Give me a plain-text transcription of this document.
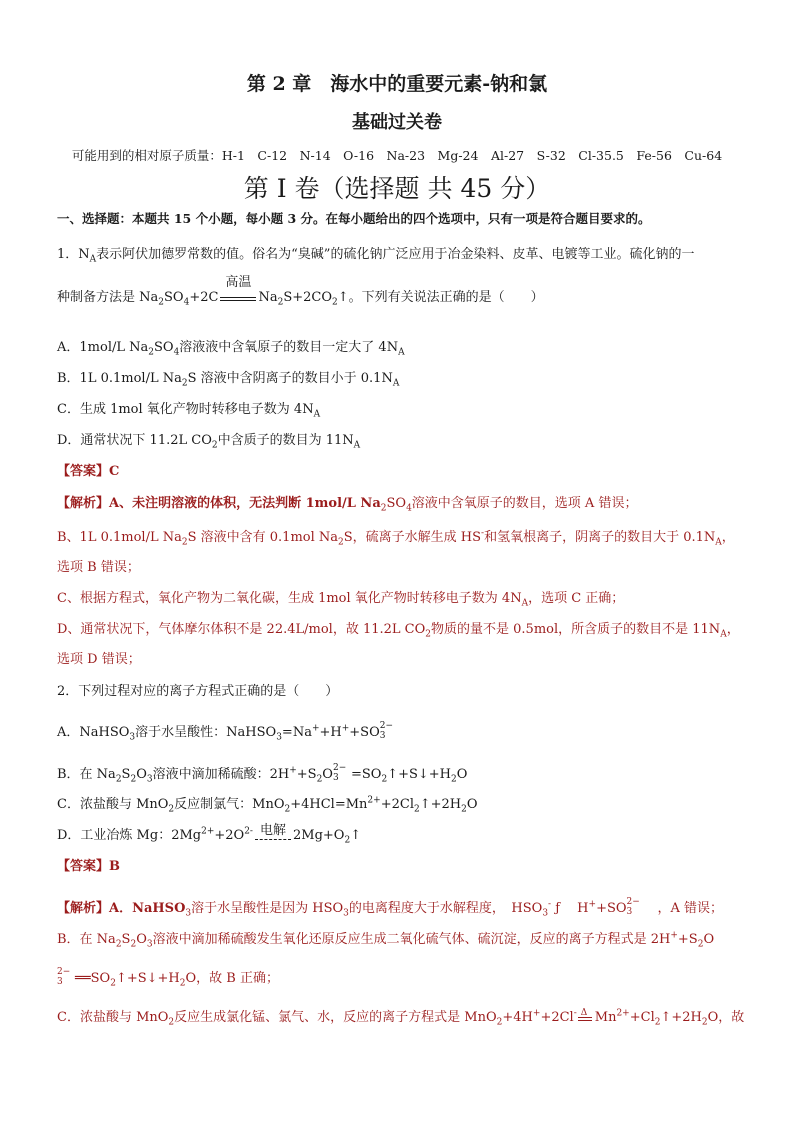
第 2 章　海水中的重要元素-钠和氯
基础过关卷
可能用到的相对原子质量：H-1　C-12　N-14　O-16　Na-23　Mg-24　Al-27　S-32　Cl-35.5　Fe-56　Cu-64
第 I 卷（选择题 共 45 分）
一、选择题：本题共 15 个小题，每小题 3 分。在每小题给出的四个选项中，只有一项是符合题目要求的。
1．$N_A$表示阿伏加德罗常数的值。俗名为“臭碱”的硫化钠广泛应用于冶金染料、皮革、电镀等工业。硫化钠的一
种制备方法是 $Na_2SO_4+2C$
高温
$Na_2S+2CO_2↑$。下列有关说法正确的是（　　）
A．1mol/L $Na_2SO_4$溶液液中含氧原子的数目一定大了 $4N_A$
B．1L 0.1mol/L $Na_2S$ 溶液中含阴离子的数目小于 $0.1N_A$
C．生成 1mol 氧化产物时转移电子数为 $4N_A$
D．通常状况下 11.2L $CO_2$中含质子的数目为 $11N_A$
【答案】C
【解析】A、未注明溶液的体积，无法判断 1mol/L $Na_2SO_4$溶液中含氧原子的数目，选项 A 错误；
B、1L 0.1mol/L $Na_2S$ 溶液中含有 0.1mol $Na_2S$，硫离子水解生成 HS-和氢氧根离子，阴离子的数目大于 $0.1N_A$，
选项 B 错误；
C、根据方程式，氧化产物为二氧化碳，生成 1mol 氧化产物时转移电子数为 $4N_A$，选项 C 正确；
D、通常状况下，气体摩尔体积不是 22.4L/mol，故 11.2L $CO_2$物质的量不是 0.5mol，所含质子的数目不是 $11N_A$，
选项 D 错误；
2．下列过程对应的离子方程式正确的是（　　）
A．NaHSO$_3$溶于水呈酸性：NaHSO$_3$=Na++H++SO 2−
3
B．在 $Na_2S_2O_3$溶液中滴加稀硫酸：$2H^++S_2O$ 2−
$3 =SO_2↑+S↓+H_2O$
C．浓盐酸与 MnO$_2$反应制氯气：$MnO_2+4HCl=Mn^{2+}+2Cl_2↑+2H_2O$
D．工业冶炼 Mg：$2Mg^{2+}+2O^{2-}$ 电解 $2Mg+O_2↑$
【答案】B
【解析】A．NaHSO$_3$溶于水呈酸性是因为 $HSO_3$的电离程度大于水解程度，　$HSO_3^-$ ƒ　 H++SO 2−
3 　，A 错误；
B．在 $Na_2S_2O_3$溶液中滴加稀硫酸发生氧化还原反应生成二氧化硫气体、硫沉淀，反应的离子方程式是 $2H^++S_2O$
2−
3 $══SO_2↑+S↓+H_2O$，故 B 正确；
C．浓盐酸与 MnO$_2$反应生成氯化锰、氯气、水，反应的离子方程式是 MnO$_2$+4H++2Cl- Δ $Mn^{2+}+Cl_2↑+2H_2O$，故
